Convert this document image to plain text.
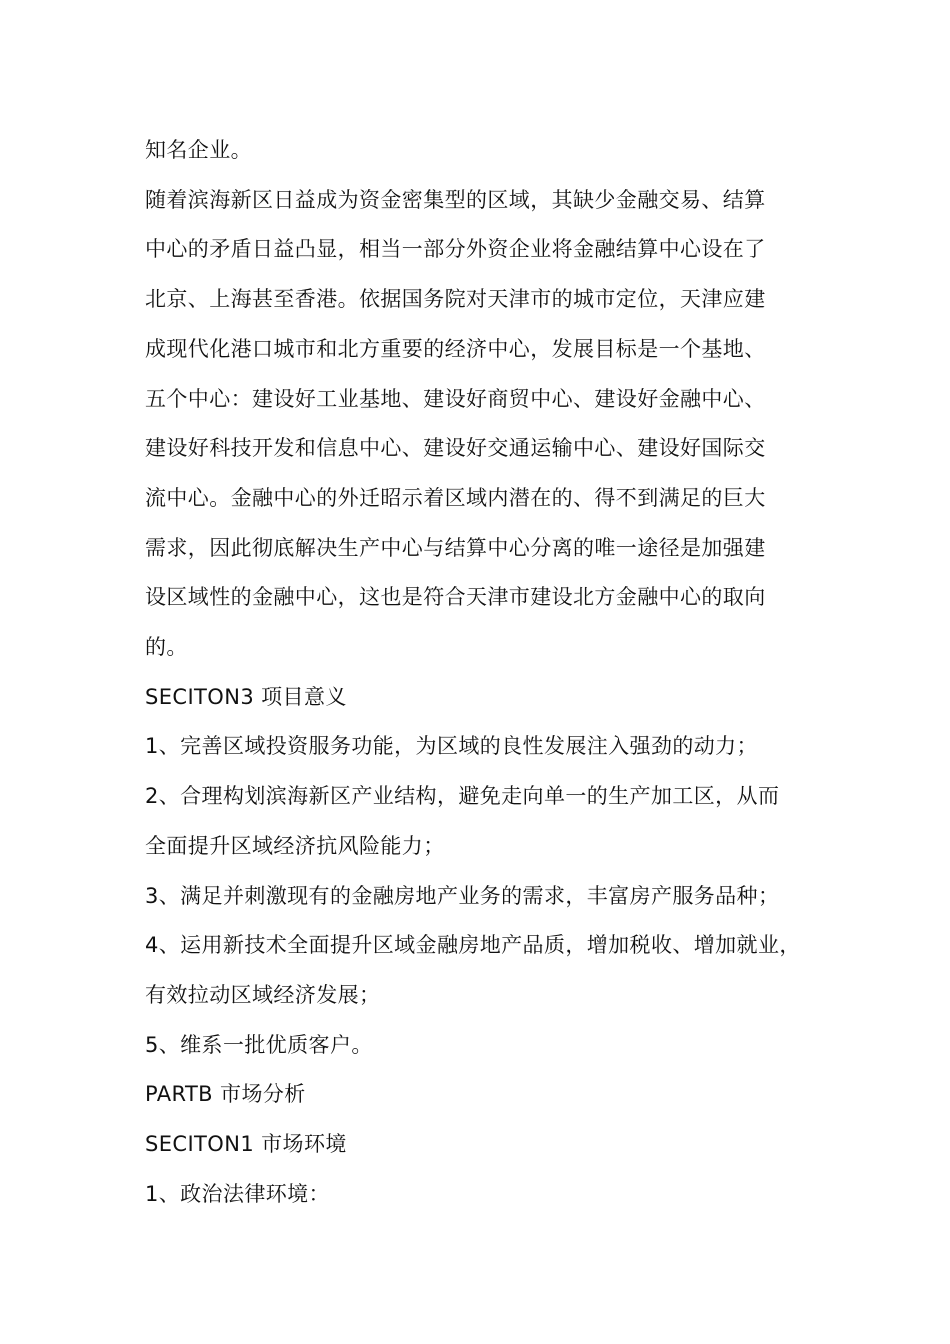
知名企业。
随着滨海新区日益成为资金密集型的区域，其缺少金融交易、结算
中心的矛盾日益凸显，相当一部分外资企业将金融结算中心设在了
北京、上海甚至香港。依据国务院对天津市的城市定位，天津应建
成现代化港口城市和北方重要的经济中心，发展目标是一个基地、
五个中心：建设好工业基地、建设好商贸中心、建设好金融中心、
建设好科技开发和信息中心、建设好交通运输中心、建设好国际交
流中心。金融中心的外迁昭示着区域内潜在的、得不到满足的巨大
需求，因此彻底解决生产中心与结算中心分离的唯一途径是加强建
设区域性的金融中心，这也是符合天津市建设北方金融中心的取向
的。
SECITON3 项目意义
1、完善区域投资服务功能，为区域的良性发展注入强劲的动力；
2、合理构划滨海新区产业结构，避免走向单一的生产加工区，从而
全面提升区域经济抗风险能力；
3、满足并刺激现有的金融房地产业务的需求，丰富房产服务品种；
4、运用新技术全面提升区域金融房地产品质，增加税收、增加就业，
有效拉动区域经济发展；
5、维系一批优质客户。
PARTB 市场分析
SECITON1 市场环境
1、政治法律环境：
